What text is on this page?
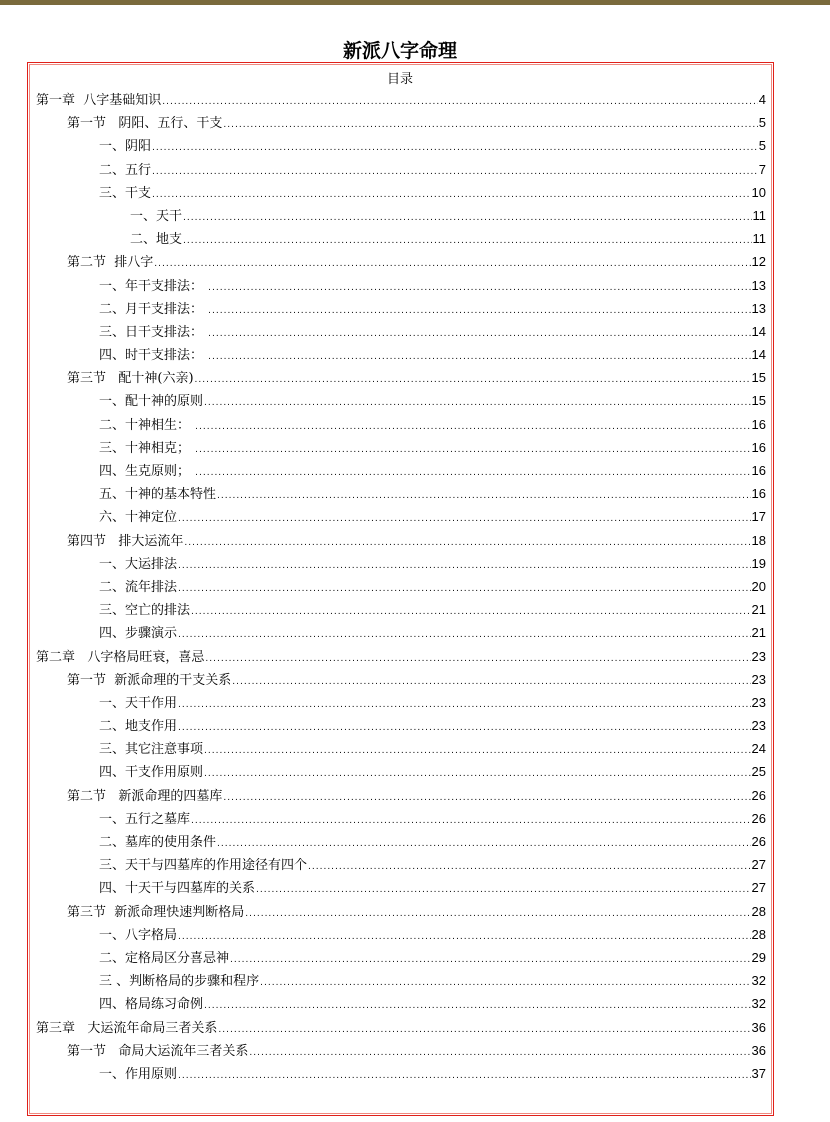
新派八字命理
目录
第一章  八字基础知识 .....	4
第一节   阴阳、五行、干支 .....	5
一、阴阳 .....	5
二、五行 .....	7
三、干支 .....	10
一、天干 .....	11
二、地支 .....	11
第二节  排八字 .....	12
一、年干支排法： .....	13
二、月干支排法： .....	13
三、日干支排法： .....	14
四、时干支排法： .....	14
第三节   配十神(六亲) .....	15
一、配十神的原则 .....	15
二、十神相生： .....	16
三、十神相克； .....	16
四、生克原则； .....	16
五、十神的基本特性 .....	16
六、十神定位 .....	17
第四节   排大运流年 .....	18
一、大运排法 .....	19
二、流年排法 .....	20
三、空亡的排法 .....	21
四、步骤演示 .....	21
第二章   八字格局旺衰，喜忌 .....	23
第一节  新派命理的干支关系 .....	23
一、天干作用 .....	23
二、地支作用 .....	23
三、其它注意事项 .....	24
四、干支作用原则 .....	25
第二节   新派命理的四墓库 .....	26
一、五行之墓库 .....	26
二、墓库的使用条件 .....	26
三、天干与四墓库的作用途径有四个 .....	27
四、十天干与四墓库的关系 .....	27
第三节  新派命理快速判断格局 .....	28
一、八字格局 .....	28
二、定格局区分喜忌神 .....	29
三 、判断格局的步骤和程序 .....	32
四、格局练习命例 .....	32
第三章   大运流年命局三者关系 .....	36
第一节   命局大运流年三者关系 .....	36
一、作用原则 .....	37
